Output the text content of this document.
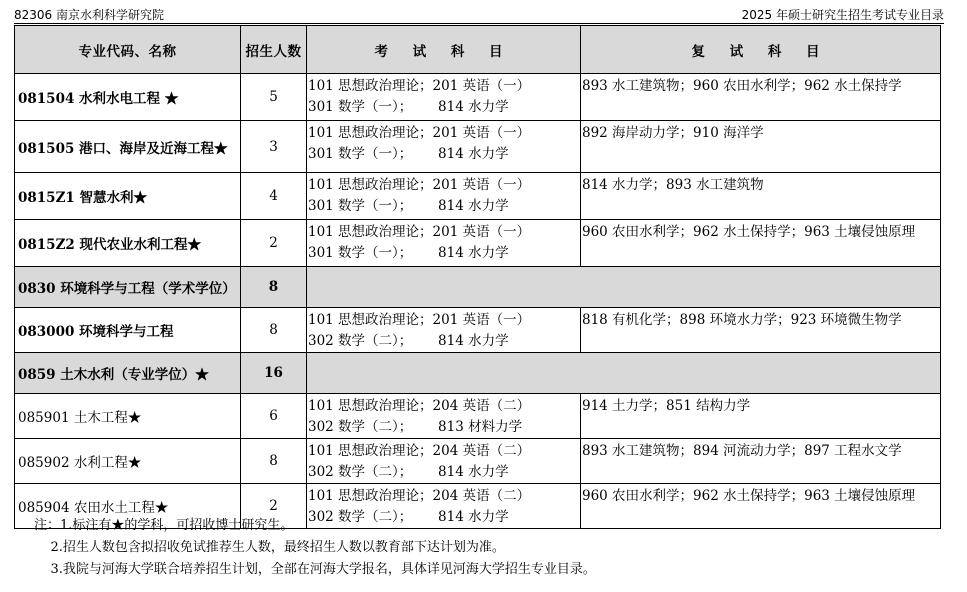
82306 南京水利科学研究院	2025 年硕士研究生招生考试专业目录
专业代码、名称	招生人数	考 试 科 目	复 试 科 目
081504 水利水电工程 ★	5	101 思想政治理论；201 英语（一）
301 数学（一）；      814 水力学	893 水工建筑物；960 农田水利学；962 水土保持学
081505 港口、海岸及近海工程★	3	101 思想政治理论；201 英语（一）
301 数学（一）；      814 水力学	892 海岸动力学；910 海洋学
0815Z1 智慧水利★	4	101 思想政治理论；201 英语（一）
301 数学（一）；      814 水力学	814 水力学；893 水工建筑物
0815Z2 现代农业水利工程★	2	101 思想政治理论；201 英语（一）
301 数学（一）；      814 水力学	960 农田水利学；962 水土保持学；963 土壤侵蚀原理
0830 环境科学与工程（学术学位）	8	

083000 环境科学与工程	8	101 思想政治理论；201 英语（一）
302 数学（二）；      814 水力学	818 有机化学；898 环境水力学；923 环境微生物学
0859 土木水利（专业学位）★	16	

085901 土木工程★	6	101 思想政治理论；204 英语（二）
302 数学（二）；      813 材料力学	914 土力学；851 结构力学
085902 水利工程★	8	101 思想政治理论；204 英语（二）
302 数学（二）；      814 水力学	893 水工建筑物；894 河流动力学；897 工程水文学
085904 农田水土工程★	2	101 思想政治理论；204 英语（二）
302 数学（二）；      814 水力学	960 农田水利学；962 水土保持学；963 土壤侵蚀原理
注：1.标注有★的学科，可招收博士研究生。
2.招生人数包含拟招收免试推荐生人数，最终招生人数以教育部下达计划为准。
3.我院与河海大学联合培养招生计划，全部在河海大学报名，具体详见河海大学招生专业目录。
